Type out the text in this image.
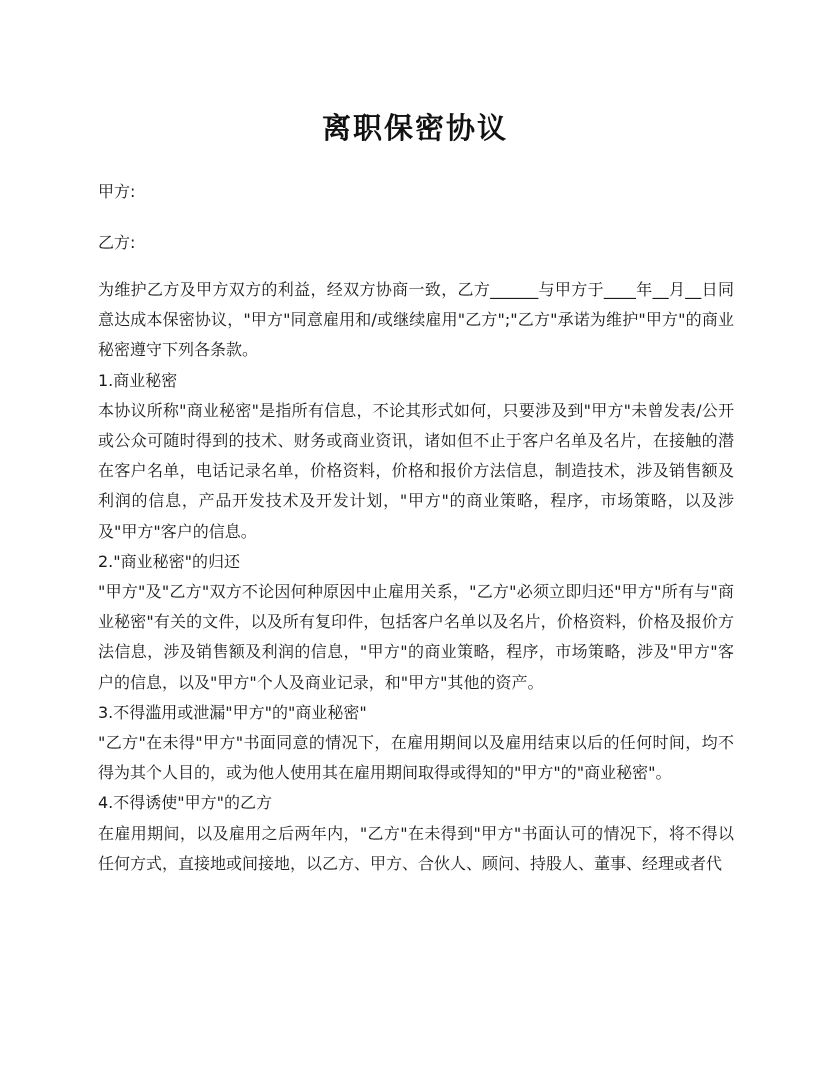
离职保密协议
甲方:
乙方:

为维护乙方及甲方双方的利益，经双方协商一致，乙方______与甲方于____年__月__日同意达成本保密协议，"甲方"同意雇用和/或继续雇用"乙方";"乙方"承诺为维护"甲方"的商业秘密遵守下列各条款。

1.商业秘密

本协议所称"商业秘密"是指所有信息，不论其形式如何，只要涉及到"甲方"未曾发表/公开或公众可随时得到的技术、财务或商业资讯，诸如但不止于客户名单及名片，在接触的潜在客户名单，电话记录名单，价格资料，价格和报价方法信息，制造技术，涉及销售额及利润的信息，产品开发技术及开发计划，"甲方"的商业策略，程序，市场策略，以及涉及"甲方"客户的信息。

2."商业秘密"的归还

"甲方"及"乙方"双方不论因何种原因中止雇用关系，"乙方"必须立即归还"甲方"所有与"商业秘密"有关的文件，以及所有复印件，包括客户名单以及名片，价格资料，价格及报价方法信息，涉及销售额及利润的信息，"甲方"的商业策略，程序，市场策略，涉及"甲方"客户的信息，以及"甲方"个人及商业记录，和"甲方"其他的资产。

3.不得滥用或泄漏"甲方"的"商业秘密"

"乙方"在未得"甲方"书面同意的情况下，在雇用期间以及雇用结束以后的任何时间，均不得为其个人目的，或为他人使用其在雇用期间取得或得知的"甲方"的"商业秘密"。

4.不得诱使"甲方"的乙方

在雇用期间，以及雇用之后两年内，"乙方"在未得到"甲方"书面认可的情况下，将不得以任何方式，直接地或间接地，以乙方、甲方、合伙人、顾问、持股人、董事、经理或者代
